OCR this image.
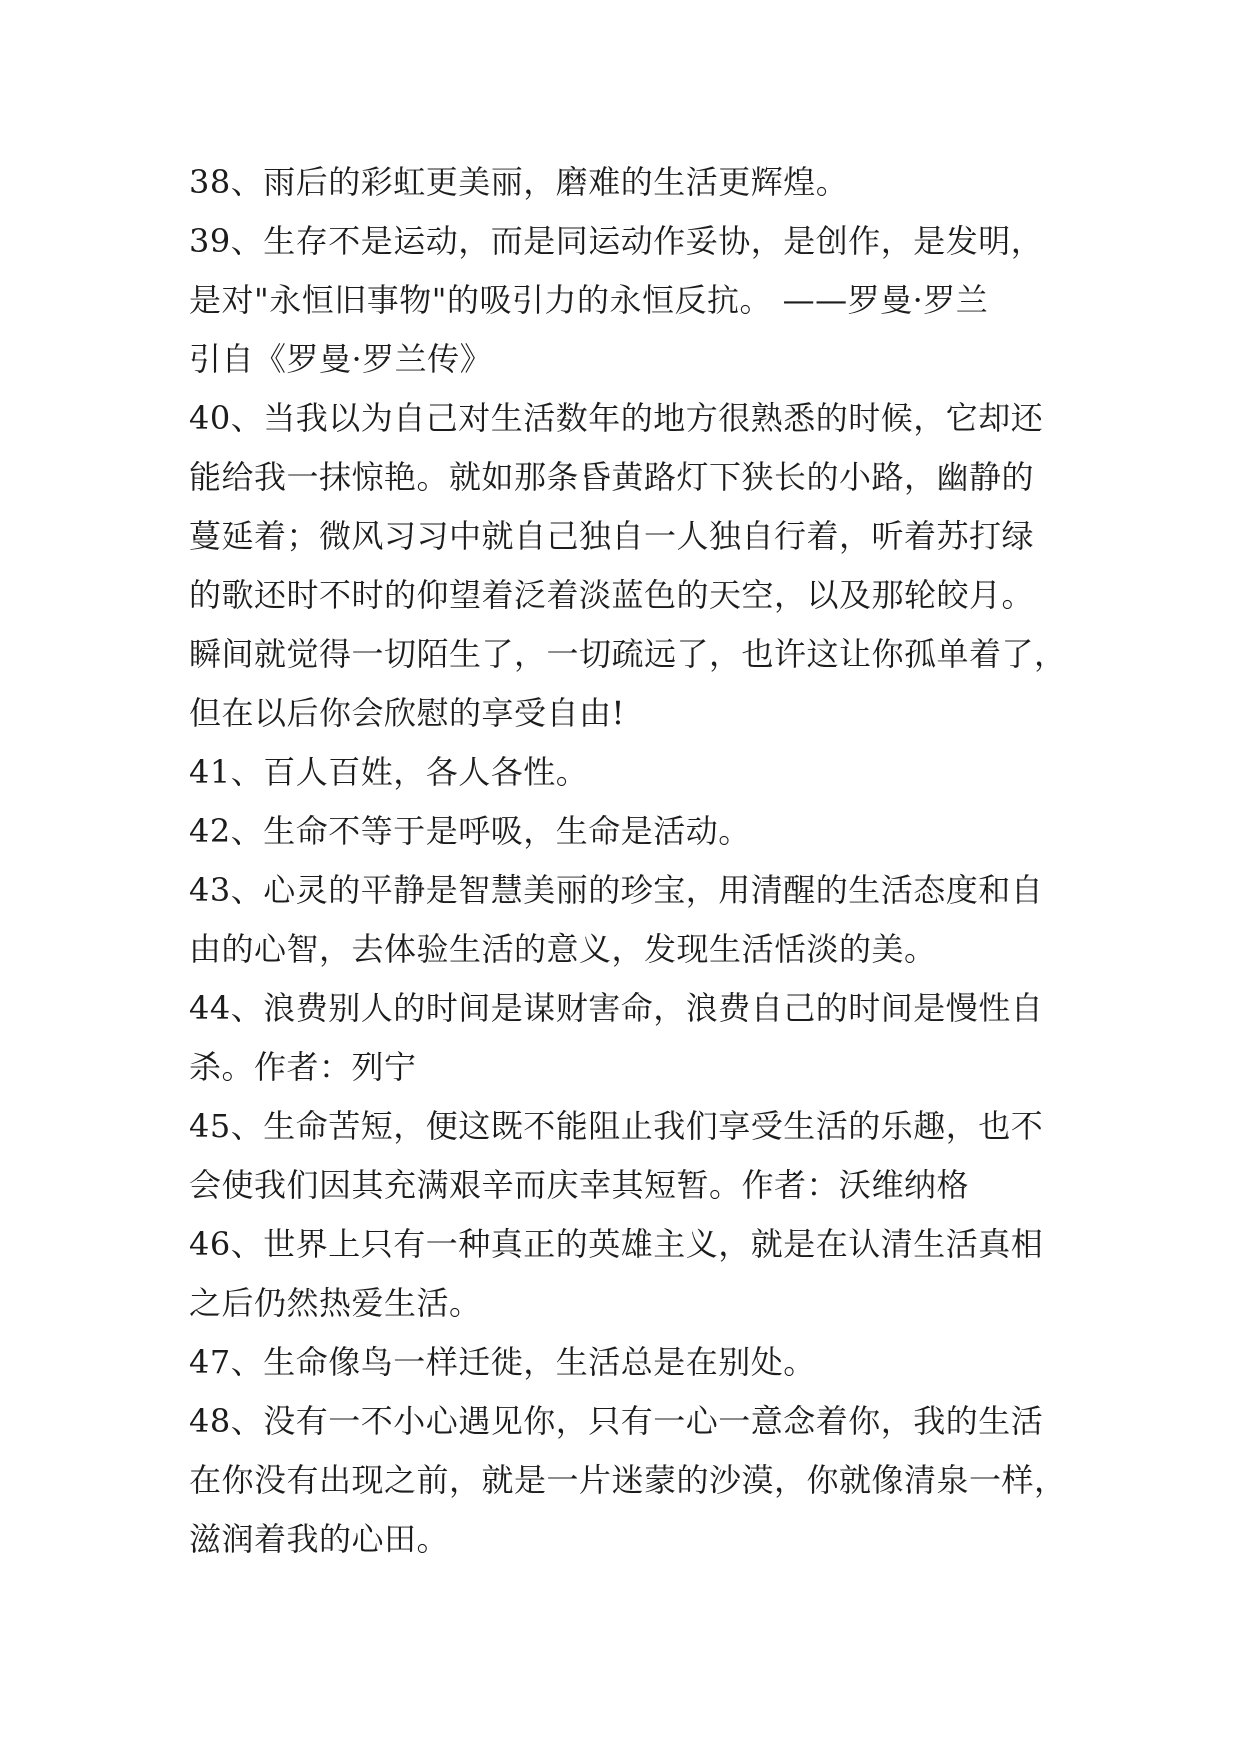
38、雨后的彩虹更美丽，磨难的生活更辉煌。
39、生存不是运动，而是同运动作妥协，是创作，是发明，
是对"永恒旧事物"的吸引力的永恒反抗。 ——罗曼·罗兰
引自《罗曼·罗兰传》
40、当我以为自己对生活数年的地方很熟悉的时候，它却还
能给我一抹惊艳。就如那条昏黄路灯下狭长的小路，幽静的
蔓延着；微风习习中就自己独自一人独自行着，听着苏打绿
的歌还时不时的仰望着泛着淡蓝色的天空，以及那轮皎月。
瞬间就觉得一切陌生了，一切疏远了，也许这让你孤单着了，
但在以后你会欣慰的享受自由!
41、百人百姓，各人各性。
42、生命不等于是呼吸，生命是活动。
43、心灵的平静是智慧美丽的珍宝，用清醒的生活态度和自
由的心智，去体验生活的意义，发现生活恬淡的美。
44、浪费别人的时间是谋财害命，浪费自己的时间是慢性自
杀。作者：列宁
45、生命苦短，便这既不能阻止我们享受生活的乐趣，也不
会使我们因其充满艰辛而庆幸其短暂。作者：沃维纳格
46、世界上只有一种真正的英雄主义，就是在认清生活真相
之后仍然热爱生活。
47、生命像鸟一样迁徙，生活总是在别处。
48、没有一不小心遇见你，只有一心一意念着你，我的生活
在你没有出现之前，就是一片迷蒙的沙漠，你就像清泉一样，
滋润着我的心田。
